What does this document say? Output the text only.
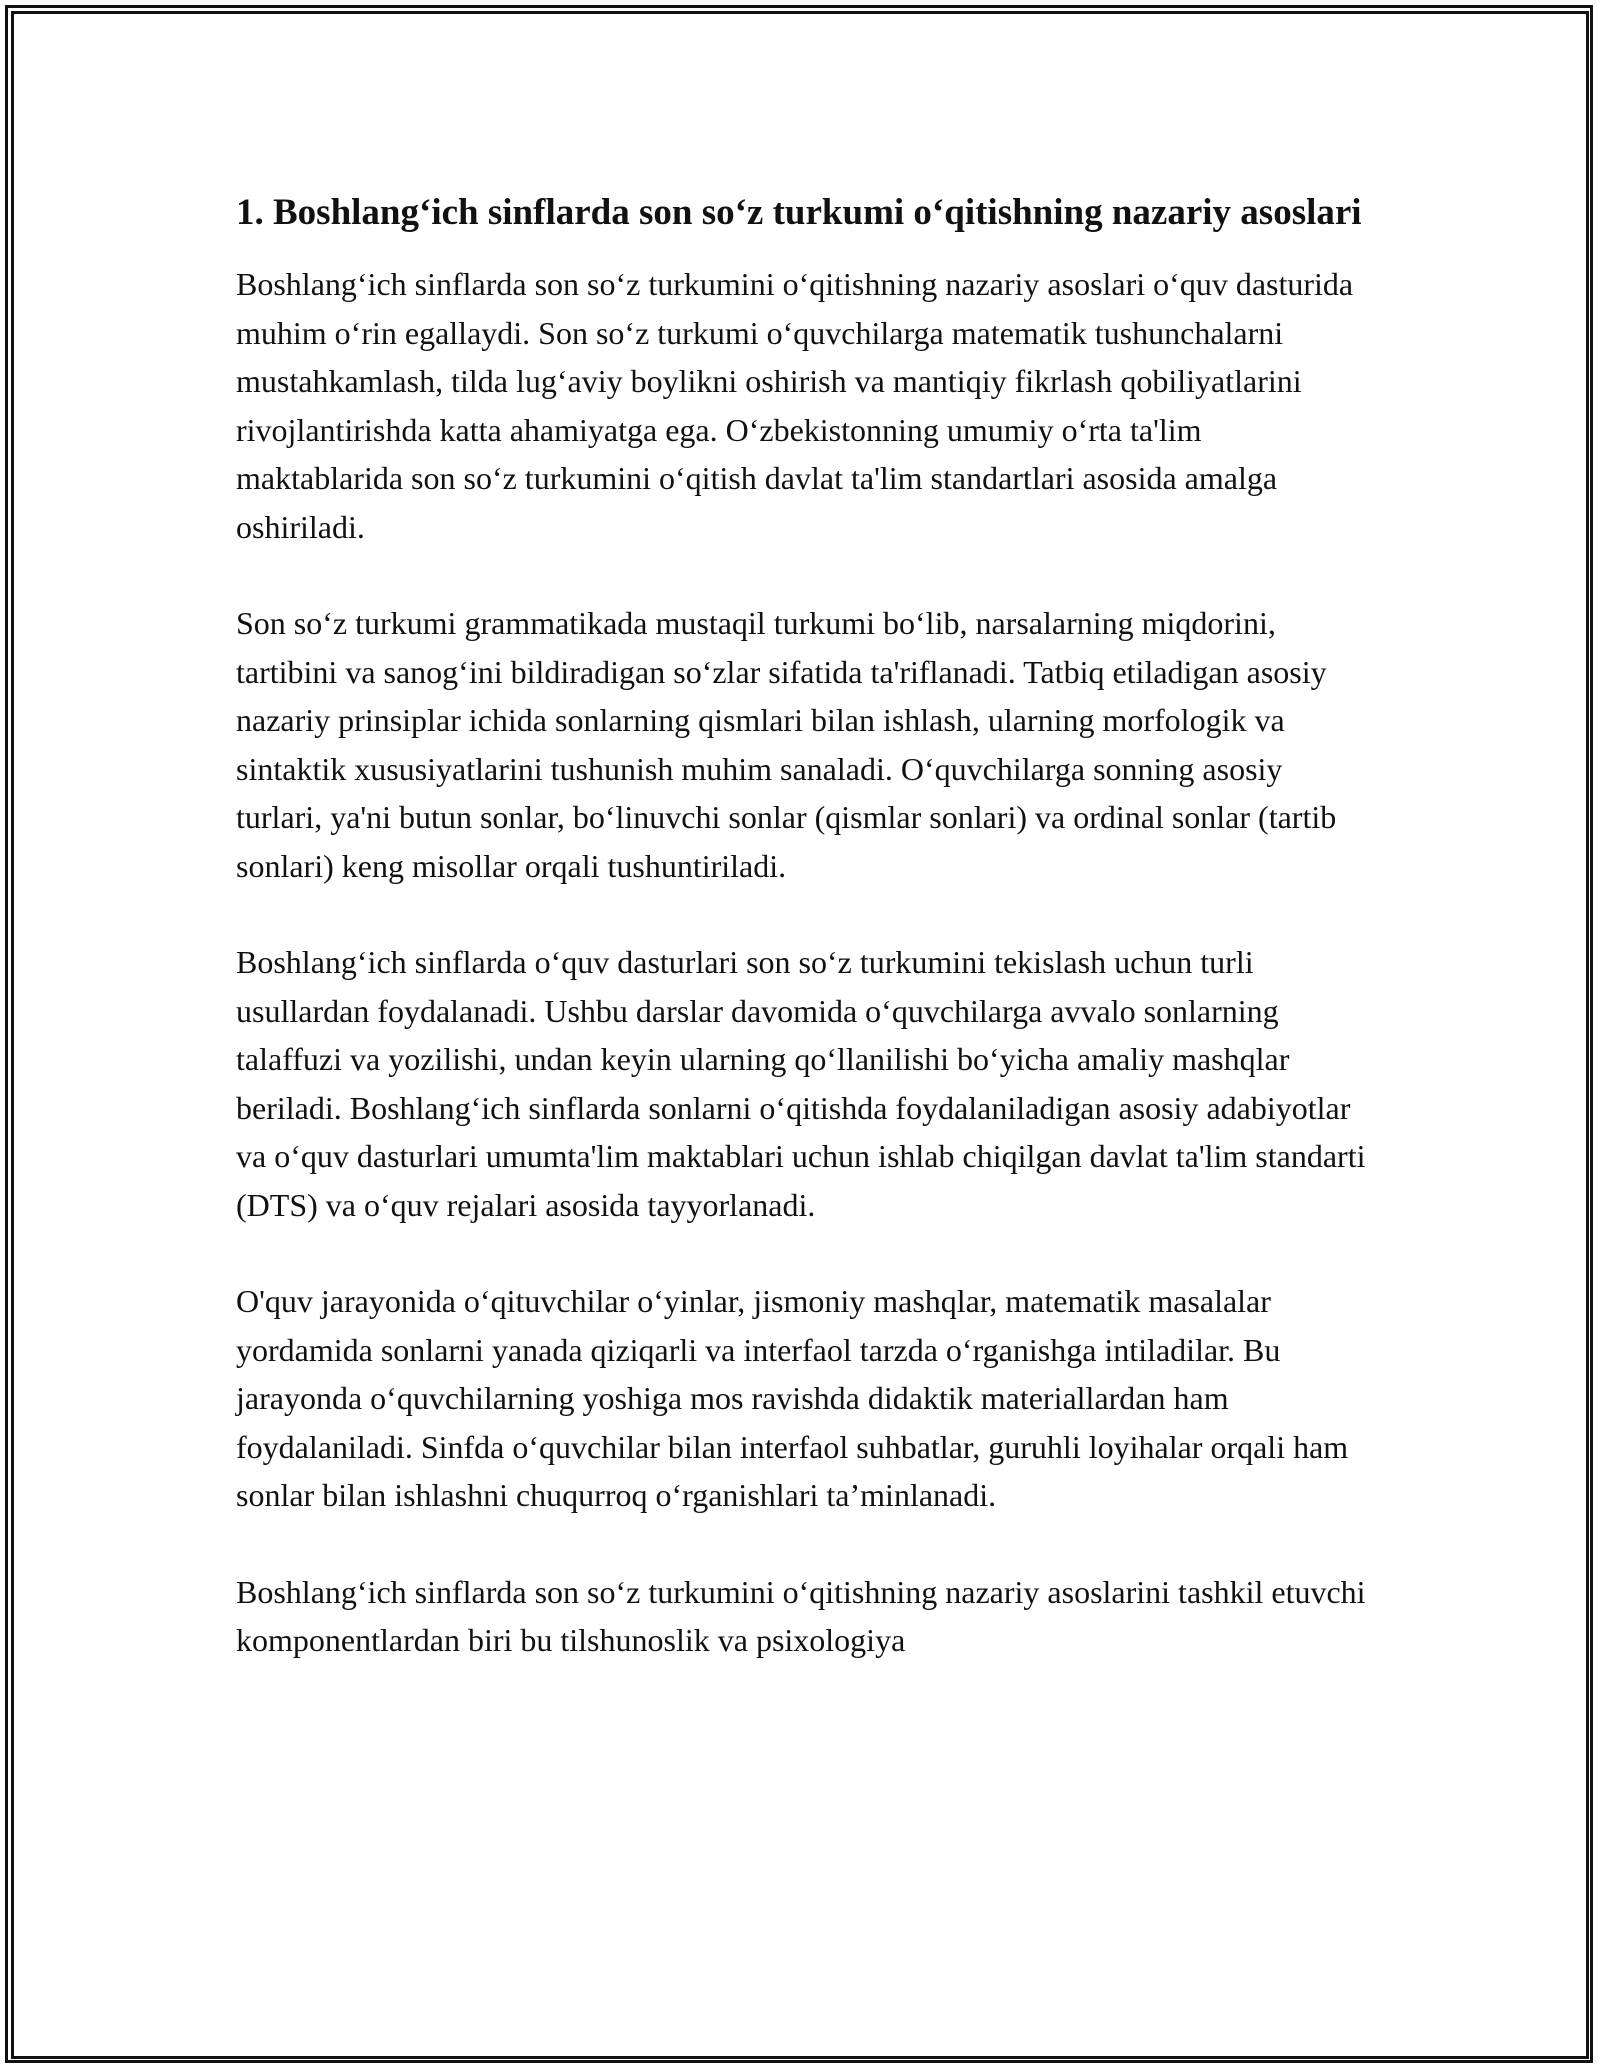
1. Boshlang‘ich sinflarda son so‘z turkumi o‘qitishning nazariy asoslari

Boshlang‘ich sinflarda son so‘z turkumini o‘qitishning nazariy asoslari o‘quv dasturida muhim o‘rin egallaydi. Son so‘z turkumi o‘quvchilarga matematik tushunchalarni mustahkamlash, tilda lug‘aviy boylikni oshirish va mantiqiy fikrlash qobiliyatlarini rivojlantirishda katta ahamiyatga ega. O‘zbekistonning umumiy o‘rta ta'lim maktablarida son so‘z turkumini o‘qitish davlat ta'lim standartlari asosida amalga oshiriladi.

Son so‘z turkumi grammatikada mustaqil turkumi bo‘lib, narsalarning miqdorini, tartibini va sanog‘ini bildiradigan so‘zlar sifatida ta'riflanadi. Tatbiq etiladigan asosiy nazariy prinsiplar ichida sonlarning qismlari bilan ishlash, ularning morfologik va sintaktik xususiyatlarini tushunish muhim sanaladi. O‘quvchilarga sonning asosiy turlari, ya'ni butun sonlar, bo‘linuvchi sonlar (qismlar sonlari) va ordinal sonlar (tartib sonlari) keng misollar orqali tushuntiriladi.

Boshlang‘ich sinflarda o‘quv dasturlari son so‘z turkumini tekislash uchun turli usullardan foydalanadi. Ushbu darslar davomida o‘quvchilarga avvalo sonlarning talaffuzi va yozilishi, undan keyin ularning qo‘llanilishi bo‘yicha amaliy mashqlar beriladi. Boshlang‘ich sinflarda sonlarni o‘qitishda foydalaniladigan asosiy adabiyotlar va o‘quv dasturlari umumta'lim maktablari uchun ishlab chiqilgan davlat ta'lim standarti (DTS) va o‘quv rejalari asosida tayyorlanadi.

O'quv jarayonida o‘qituvchilar o‘yinlar, jismoniy mashqlar, matematik masalalar yordamida sonlarni yanada qiziqarli va interfaol tarzda o‘rganishga intiladilar. Bu jarayonda o‘quvchilarning yoshiga mos ravishda didaktik materiallardan ham foydalaniladi. Sinfda o‘quvchilar bilan interfaol suhbatlar, guruhli loyihalar orqali ham sonlar bilan ishlashni chuqurroq o‘rganishlari ta’minlanadi.

Boshlang‘ich sinflarda son so‘z turkumini o‘qitishning nazariy asoslarini tashkil etuvchi komponentlardan biri bu tilshunoslik va psixologiya
